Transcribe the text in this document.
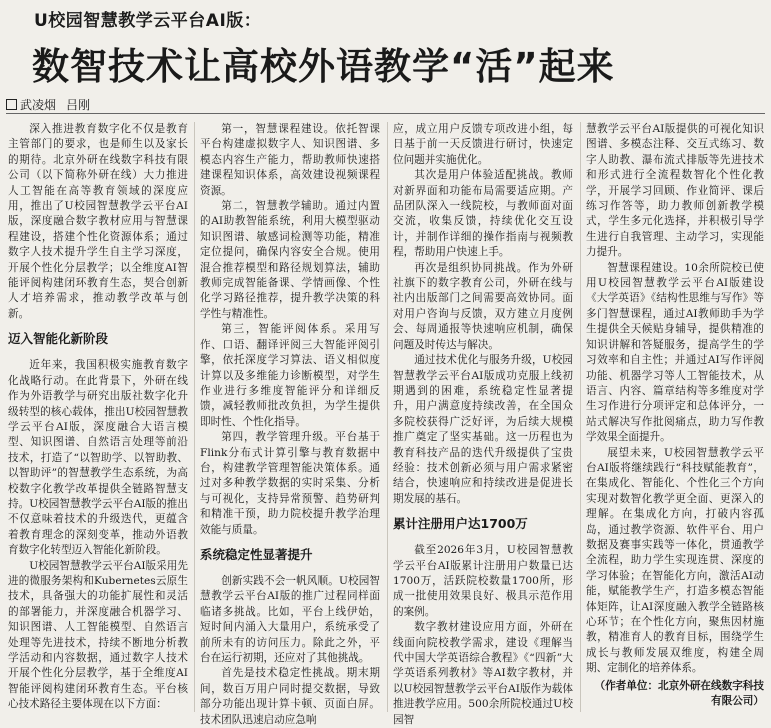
U校园智慧教学云平台AI版：
数智技术让高校外语教学“活”起来
武凌烟 吕刚

深入推进教育数字化不仅是教育主管部门的要求，也是师生以及家长的期待。北京外研在线数字科技有限公司（以下简称外研在线）大力推进人工智能在高等教育领域的深度应用，推出了U校园智慧教学云平台AI版，深度融合数字教材应用与智慧课程建设，搭建个性化资源体系；通过数字人技术提升学生自主学习深度，开展个性化分层教学；以全维度AI智能评阅构建闭环教育生态，契合创新人才培养需求，推动教学改革与创新。

迈入智能化新阶段

近年来，我国积极实施教育数字化战略行动。在此背景下，外研在线作为外语教学与研究出版社数字化升级转型的核心载体，推出U校园智慧教学云平台AI版，深度融合大语言模型、知识图谱、自然语言处理等前沿技术，打造了“以智助学、以智助教、以智助评”的智慧教学生态系统，为高校数字化教学改革提供全链路智慧支持。U校园智慧教学云平台AI版的推出不仅意味着技术的升级迭代，更蕴含着教育理念的深刻变革，推动外语教育数字化转型迈入智能化新阶段。

U校园智慧教学云平台AI版采用先进的微服务架构和Kubernetes云原生技术，具备强大的功能扩展性和灵活的部署能力，并深度融合机器学习、知识图谱、人工智能模型、自然语言处理等先进技术，持续不断地分析教学活动和内容数据，通过数字人技术开展个性化分层教学，基于全维度AI智能评阅构建闭环教育生态。平台核心技术路径主要体现在以下方面：

第一，智慧课程建设。依托智课平台构建虚拟数字人、知识图谱、多模态内容生产能力，帮助教师快速搭建课程知识体系，高效建设视频课程资源。

第二，智慧教学辅助。通过内置的AI助教智能系统，利用大模型驱动知识图谱、敏感词检测等功能，精准定位提问，确保内容安全合规。使用混合推荐模型和路径规划算法，辅助教师完成智能备课、学情画像、个性化学习路径推荐，提升教学决策的科学性与精准性。

第三，智能评阅体系。采用写作、口语、翻译评阅三大智能评阅引擎，依托深度学习算法、语义相似度计算以及多维能力诊断模型，对学生作业进行多维度智能评分和详细反馈，减轻教师批改负担，为学生提供即时性、个性化指导。

第四，教学管理升级。平台基于Flink分布式计算引擎与教育数据中台，构建教学管理智能决策体系。通过对多种教学数据的实时采集、分析与可视化，支持异常预警、趋势研判和精准干预，助力院校提升教学治理效能与质量。

系统稳定性显著提升

创新实践不会一帆风顺。U校园智慧教学云平台AI版的推广过程同样面临诸多挑战。比如，平台上线伊始，短时间内涌入大量用户，系统承受了前所未有的访问压力。除此之外，平台在运行初期，还应对了其他挑战。

首先是技术稳定性挑战。期末期间，数百万用户同时提交数据，导致部分功能出现计算卡顿、页面白屏。技术团队迅速启动应急响

应，成立用户反馈专项改进小组，每日基于前一天反馈进行研讨，快速定位问题并实施优化。

其次是用户体验适配挑战。教师对新界面和功能布局需要适应期。产品团队深入一线院校，与教师面对面交流，收集反馈，持续优化交互设计，并制作详细的操作指南与视频教程，帮助用户快速上手。

再次是组织协同挑战。作为外研社旗下的数字教育公司，外研在线与社内出版部门之间需要高效协同。面对用户咨询与反馈，双方建立月度例会、每周通报等快速响应机制，确保问题及时传达与解决。

通过技术优化与服务升级，U校园智慧教学云平台AI版成功克服上线初期遇到的困难，系统稳定性显著提升，用户满意度持续改善，在全国众多院校获得广泛好评，为后续大规模推广奠定了坚实基础。这一历程也为教育科技产品的迭代升级提供了宝贵经验：技术创新必须与用户需求紧密结合，快速响应和持续改进是促进长期发展的基石。

累计注册用户达1700万

截至2026年3月，U校园智慧教学云平台AI版累计注册用户数量已达1700万，活跃院校数量1700所，形成一批使用效果良好、极具示范作用的案例。

数字教材建设应用方面，外研在线面向院校教学需求，建设《理解当代中国大学英语综合教程》《“四新”大学英语系列教材》等AI数字教材，并以U校园智慧教学云平台AI版作为载体推进教学应用。500余所院校通过U校园智

慧教学云平台AI版提供的可视化知识图谱、多模态注释、交互式练习、数字人助教、瀑布流式排版等先进技术和形式进行全流程数智化个性化教学，开展学习回顾、作业简评、课后练习作答等，助力教师创新教学模式，学生多元化选择，并积极引导学生进行自我管理、主动学习，实现能力提升。

智慧课程建设。10余所院校已使用U校园智慧教学云平台AI版建设《大学英语》《结构性思维与写作》等多门智慧课程，通过AI教师助手为学生提供全天候贴身辅导，提供精准的知识讲解和答疑服务，提高学生的学习效率和自主性；并通过AI写作评阅功能、机器学习等人工智能技术，从语言、内容、篇章结构等多维度对学生习作进行分项评定和总体评分，一站式解决写作批阅痛点，助力写作教学效果全面提升。

展望未来，U校园智慧教学云平台AI版将继续践行“科技赋能教育”，在集成化、智能化、个性化三个方向实现对数智化教学更全面、更深入的理解。在集成化方向，打破内容孤岛，通过教学资源、软件平台、用户数据及赛事实践等一体化，贯通教学全流程，助力学生实现连贯、深度的学习体验；在智能化方向，激活AI动能，赋能教学生产，打造多模态智能体矩阵，让AI深度融入教学全链路核心环节；在个性化方向，聚焦因材施教，精准育人的教育目标，围绕学生成长与教师发展双维度，构建全周期、定制化的培养体系。

（作者单位：北京外研在线数字科技有限公司）
